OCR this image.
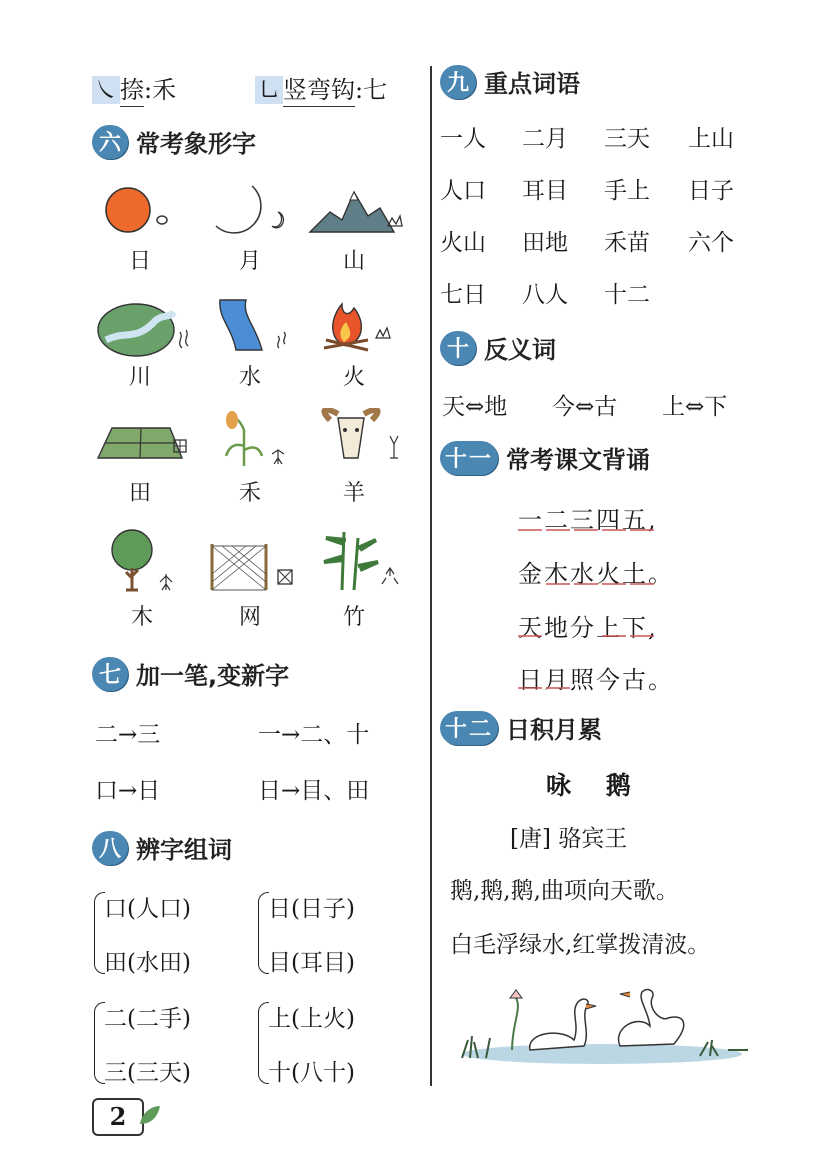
㇏捺:禾	㇟竖弯钩:七
六 常考象形字
日	月	山
川	水	火
田	禾	羊
木	网	竹
七 加一笔,变新字
二→三	一→二、十
口→日	日→目、田
八 辨字组词
口(人口)
田(水田)
日(日子)
目(耳目)
二(二手)
三(三天)
上(上火)
十(八十)
九 重点词语
一人 二月 三天 上山
人口 耳目 手上 日子
火山 田地 禾苗 六个
七日 八人 十二
十 反义词
天⇔地 今⇔古 上⇔下
十一 常考课文背诵
一二三四五,
金木水火土。
天地分上下,
日月照今古。
十二 日积月累
咏    鹅
[唐] 骆宾王
鹅,鹅,鹅,曲项向天歌。
白毛浮绿水,红掌拨清波。
2
